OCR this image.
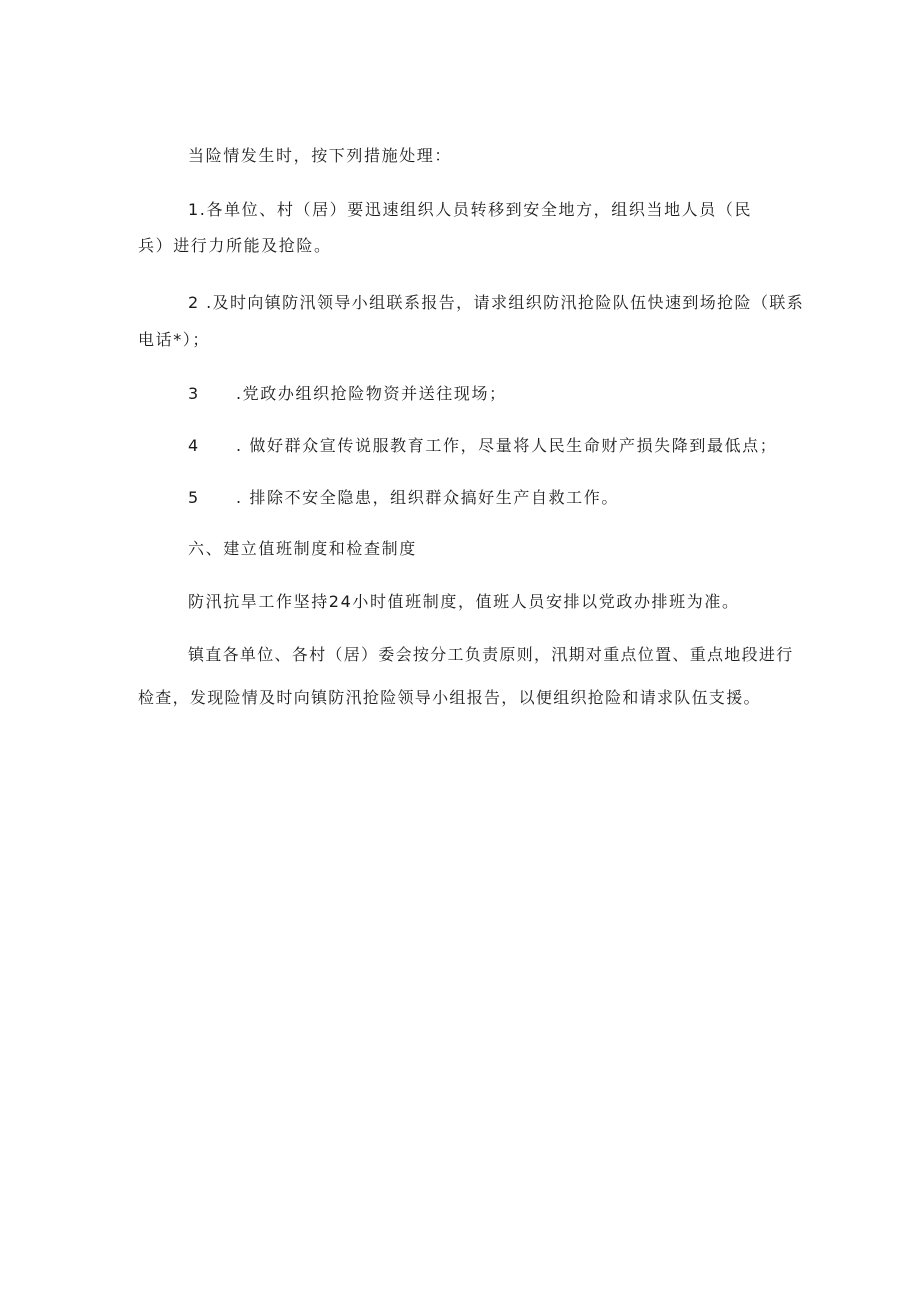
当险情发生时，按下列措施处理：
1.各单位、村（居）要迅速组织人员转移到安全地方，组织当地人员（民
兵）进行力所能及抢险。
2 .及时向镇防汛领导小组联系报告，请求组织防汛抢险队伍快速到场抢险（联系
电话*）；
3 .党政办组织抢险物资并送往现场；
4 . 做好群众宣传说服教育工作，尽量将人民生命财产损失降到最低点；
5 . 排除不安全隐患，组织群众搞好生产自救工作。
六、建立值班制度和检查制度
防汛抗旱工作坚持24小时值班制度，值班人员安排以党政办排班为准。
镇直各单位、各村（居）委会按分工负责原则，汛期对重点位置、重点地段进行
检查，发现险情及时向镇防汛抢险领导小组报告，以便组织抢险和请求队伍支援。
